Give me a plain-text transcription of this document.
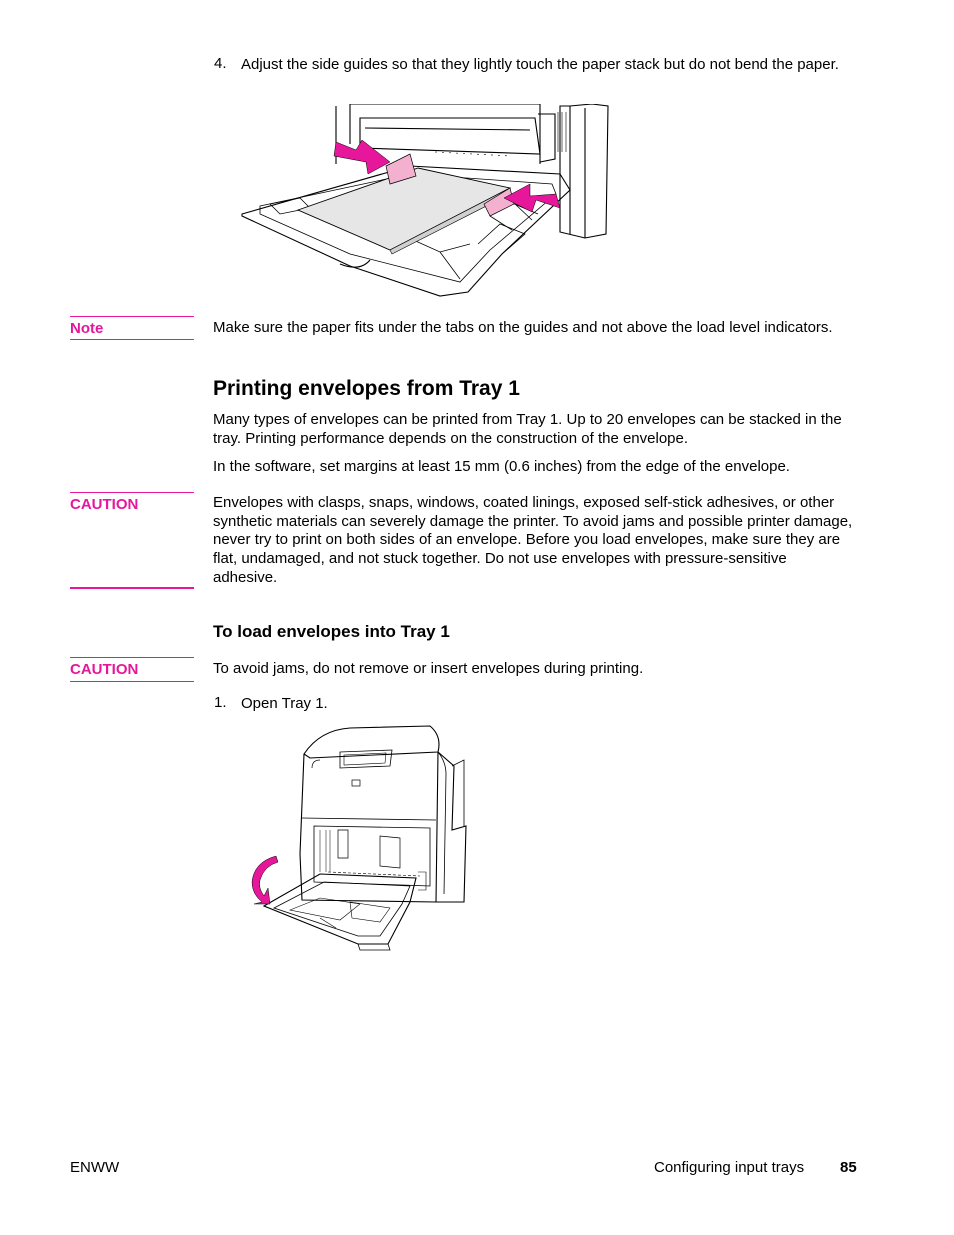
4. Adjust the side guides so that they lightly touch the paper stack but do not bend the paper.
Note	Make sure the paper fits under the tabs on the guides and not above the load level indicators.
Printing envelopes from Tray 1
Many types of envelopes can be printed from Tray 1. Up to 20 envelopes can be stacked in the tray. Printing performance depends on the construction of the envelope.
In the software, set margins at least 15 mm (0.6 inches) from the edge of the envelope.
CAUTION	Envelopes with clasps, snaps, windows, coated linings, exposed self-stick adhesives, or other synthetic materials can severely damage the printer. To avoid jams and possible printer damage, never try to print on both sides of an envelope. Before you load envelopes, make sure they are flat, undamaged, and not stuck together. Do not use envelopes with pressure-sensitive adhesive.
To load envelopes into Tray 1
CAUTION	To avoid jams, do not remove or insert envelopes during printing.
1. Open Tray 1.
ENWW	Configuring input trays 85
